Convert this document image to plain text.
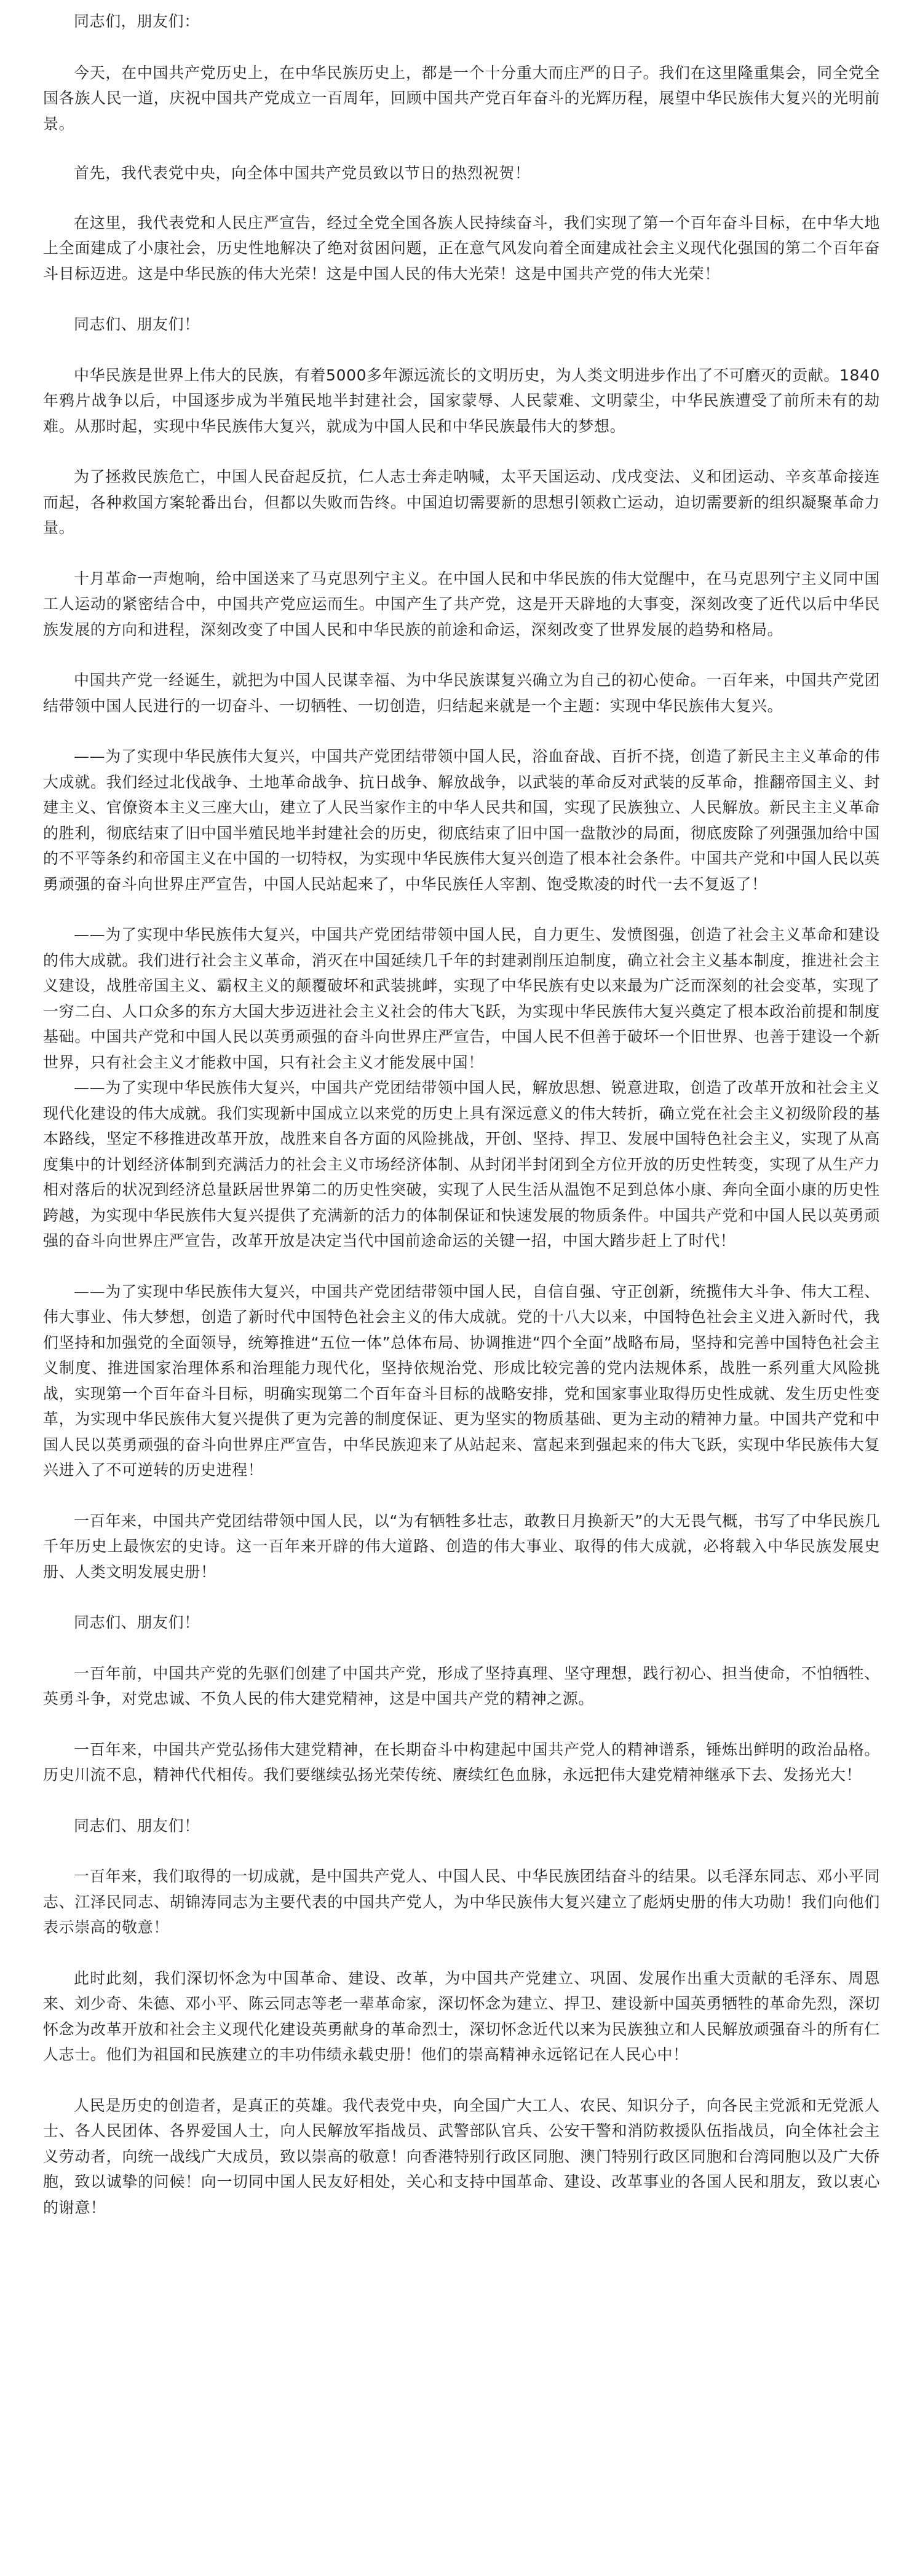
同志们，朋友们：

今天，在中国共产党历史上，在中华民族历史上，都是一个十分重大而庄严的日子。我们在这里隆重集会，同全党全国各族人民一道，庆祝中国共产党成立一百周年，回顾中国共产党百年奋斗的光辉历程，展望中华民族伟大复兴的光明前景。

首先，我代表党中央，向全体中国共产党员致以节日的热烈祝贺！

在这里，我代表党和人民庄严宣告，经过全党全国各族人民持续奋斗，我们实现了第一个百年奋斗目标，在中华大地上全面建成了小康社会，历史性地解决了绝对贫困问题，正在意气风发向着全面建成社会主义现代化强国的第二个百年奋斗目标迈进。这是中华民族的伟大光荣！这是中国人民的伟大光荣！这是中国共产党的伟大光荣！

同志们、朋友们！

中华民族是世界上伟大的民族，有着5000多年源远流长的文明历史，为人类文明进步作出了不可磨灭的贡献。1840年鸦片战争以后，中国逐步成为半殖民地半封建社会，国家蒙辱、人民蒙难、文明蒙尘，中华民族遭受了前所未有的劫难。从那时起，实现中华民族伟大复兴，就成为中国人民和中华民族最伟大的梦想。

为了拯救民族危亡，中国人民奋起反抗，仁人志士奔走呐喊，太平天国运动、戊戌变法、义和团运动、辛亥革命接连而起，各种救国方案轮番出台，但都以失败而告终。中国迫切需要新的思想引领救亡运动，迫切需要新的组织凝聚革命力量。

十月革命一声炮响，给中国送来了马克思列宁主义。在中国人民和中华民族的伟大觉醒中，在马克思列宁主义同中国工人运动的紧密结合中，中国共产党应运而生。中国产生了共产党，这是开天辟地的大事变，深刻改变了近代以后中华民族发展的方向和进程，深刻改变了中国人民和中华民族的前途和命运，深刻改变了世界发展的趋势和格局。

中国共产党一经诞生，就把为中国人民谋幸福、为中华民族谋复兴确立为自己的初心使命。一百年来，中国共产党团结带领中国人民进行的一切奋斗、一切牺牲、一切创造，归结起来就是一个主题：实现中华民族伟大复兴。

——为了实现中华民族伟大复兴，中国共产党团结带领中国人民，浴血奋战、百折不挠，创造了新民主主义革命的伟大成就。我们经过北伐战争、土地革命战争、抗日战争、解放战争，以武装的革命反对武装的反革命，推翻帝国主义、封建主义、官僚资本主义三座大山，建立了人民当家作主的中华人民共和国，实现了民族独立、人民解放。新民主主义革命的胜利，彻底结束了旧中国半殖民地半封建社会的历史，彻底结束了旧中国一盘散沙的局面，彻底废除了列强强加给中国的不平等条约和帝国主义在中国的一切特权，为实现中华民族伟大复兴创造了根本社会条件。中国共产党和中国人民以英勇顽强的奋斗向世界庄严宣告，中国人民站起来了，中华民族任人宰割、饱受欺凌的时代一去不复返了！

——为了实现中华民族伟大复兴，中国共产党团结带领中国人民，自力更生、发愤图强，创造了社会主义革命和建设的伟大成就。我们进行社会主义革命，消灭在中国延续几千年的封建剥削压迫制度，确立社会主义基本制度，推进社会主义建设，战胜帝国主义、霸权主义的颠覆破坏和武装挑衅，实现了中华民族有史以来最为广泛而深刻的社会变革，实现了一穷二白、人口众多的东方大国大步迈进社会主义社会的伟大飞跃，为实现中华民族伟大复兴奠定了根本政治前提和制度基础。中国共产党和中国人民以英勇顽强的奋斗向世界庄严宣告，中国人民不但善于破坏一个旧世界、也善于建设一个新世界，只有社会主义才能救中国，只有社会主义才能发展中国！

——为了实现中华民族伟大复兴，中国共产党团结带领中国人民，解放思想、锐意进取，创造了改革开放和社会主义现代化建设的伟大成就。我们实现新中国成立以来党的历史上具有深远意义的伟大转折，确立党在社会主义初级阶段的基本路线，坚定不移推进改革开放，战胜来自各方面的风险挑战，开创、坚持、捍卫、发展中国特色社会主义，实现了从高度集中的计划经济体制到充满活力的社会主义市场经济体制、从封闭半封闭到全方位开放的历史性转变，实现了从生产力相对落后的状况到经济总量跃居世界第二的历史性突破，实现了人民生活从温饱不足到总体小康、奔向全面小康的历史性跨越，为实现中华民族伟大复兴提供了充满新的活力的体制保证和快速发展的物质条件。中国共产党和中国人民以英勇顽强的奋斗向世界庄严宣告，改革开放是决定当代中国前途命运的关键一招，中国大踏步赶上了时代！

——为了实现中华民族伟大复兴，中国共产党团结带领中国人民，自信自强、守正创新，统揽伟大斗争、伟大工程、伟大事业、伟大梦想，创造了新时代中国特色社会主义的伟大成就。党的十八大以来，中国特色社会主义进入新时代，我们坚持和加强党的全面领导，统筹推进“五位一体”总体布局、协调推进“四个全面”战略布局，坚持和完善中国特色社会主义制度、推进国家治理体系和治理能力现代化，坚持依规治党、形成比较完善的党内法规体系，战胜一系列重大风险挑战，实现第一个百年奋斗目标，明确实现第二个百年奋斗目标的战略安排，党和国家事业取得历史性成就、发生历史性变革，为实现中华民族伟大复兴提供了更为完善的制度保证、更为坚实的物质基础、更为主动的精神力量。中国共产党和中国人民以英勇顽强的奋斗向世界庄严宣告，中华民族迎来了从站起来、富起来到强起来的伟大飞跃，实现中华民族伟大复兴进入了不可逆转的历史进程！

一百年来，中国共产党团结带领中国人民，以“为有牺牲多壮志，敢教日月换新天”的大无畏气概，书写了中华民族几千年历史上最恢宏的史诗。这一百年来开辟的伟大道路、创造的伟大事业、取得的伟大成就，必将载入中华民族发展史册、人类文明发展史册！

同志们、朋友们！

一百年前，中国共产党的先驱们创建了中国共产党，形成了坚持真理、坚守理想，践行初心、担当使命，不怕牺牲、英勇斗争，对党忠诚、不负人民的伟大建党精神，这是中国共产党的精神之源。

一百年来，中国共产党弘扬伟大建党精神，在长期奋斗中构建起中国共产党人的精神谱系，锤炼出鲜明的政治品格。历史川流不息，精神代代相传。我们要继续弘扬光荣传统、赓续红色血脉，永远把伟大建党精神继承下去、发扬光大！

同志们、朋友们！

一百年来，我们取得的一切成就，是中国共产党人、中国人民、中华民族团结奋斗的结果。以毛泽东同志、邓小平同志、江泽民同志、胡锦涛同志为主要代表的中国共产党人，为中华民族伟大复兴建立了彪炳史册的伟大功勋！我们向他们表示崇高的敬意！

此时此刻，我们深切怀念为中国革命、建设、改革，为中国共产党建立、巩固、发展作出重大贡献的毛泽东、周恩来、刘少奇、朱德、邓小平、陈云同志等老一辈革命家，深切怀念为建立、捍卫、建设新中国英勇牺牲的革命先烈，深切怀念为改革开放和社会主义现代化建设英勇献身的革命烈士，深切怀念近代以来为民族独立和人民解放顽强奋斗的所有仁人志士。他们为祖国和民族建立的丰功伟绩永载史册！他们的崇高精神永远铭记在人民心中！

人民是历史的创造者，是真正的英雄。我代表党中央，向全国广大工人、农民、知识分子，向各民主党派和无党派人士、各人民团体、各界爱国人士，向人民解放军指战员、武警部队官兵、公安干警和消防救援队伍指战员，向全体社会主义劳动者，向统一战线广大成员，致以崇高的敬意！向香港特别行政区同胞、澳门特别行政区同胞和台湾同胞以及广大侨胞，致以诚挚的问候！向一切同中国人民友好相处，关心和支持中国革命、建设、改革事业的各国人民和朋友，致以衷心的谢意！
